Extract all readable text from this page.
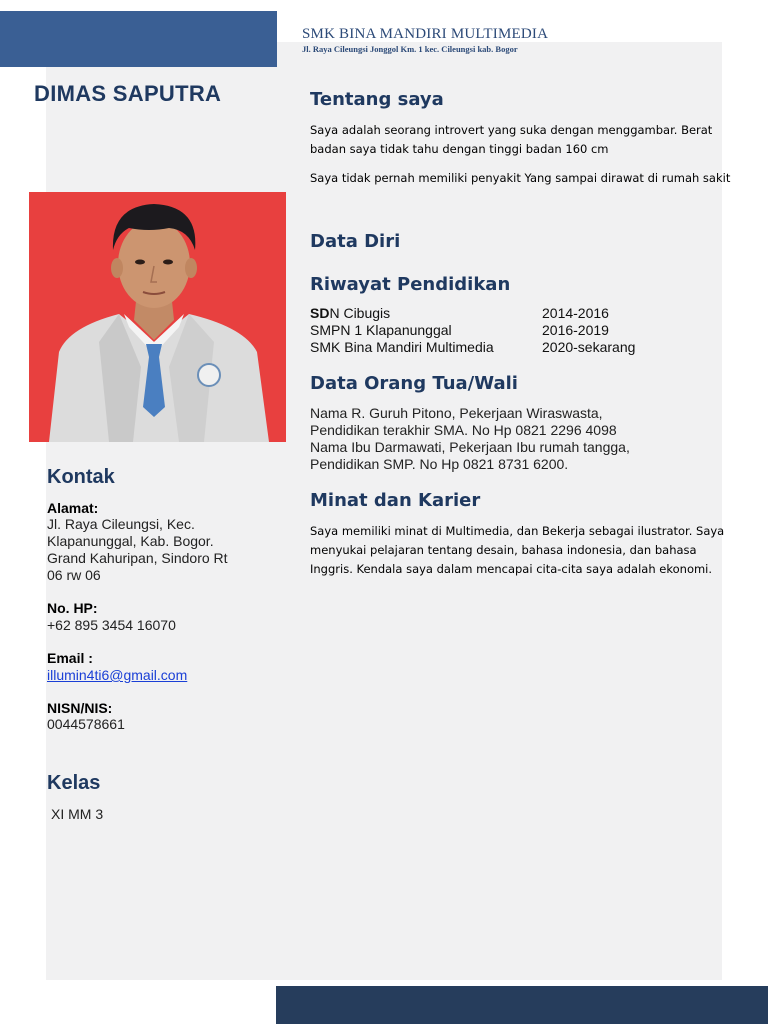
SMK BINA MANDIRI MULTIMEDIA
Jl. Raya Cileungsi Jonggol Km. 1 kec. Cileungsi kab. Bogor
DIMAS SAPUTRA
Kontak
Alamat:
Jl. Raya Cileungsi, Kec.
Klapanunggal, Kab. Bogor.
Grand Kahuripan, Sindoro Rt
06 rw 06
No. HP:
+62 895 3454 16070
Email :
illumin4ti6@gmail.com
NISN/NIS:
0044578661
Kelas
XI MM 3
Tentang saya
Saya adalah seorang introvert yang suka dengan menggambar. Berat badan saya tidak tahu dengan tinggi badan 160 cm
Saya tidak pernah memiliki penyakit Yang sampai dirawat di rumah sakit
Data Diri
Riwayat Pendidikan
SDN Cibugis	2014-2016
SMPN 1 Klapanunggal	2016-2019
SMK Bina Mandiri Multimedia	2020-sekarang
Data Orang Tua/Wali
Nama R. Guruh Pitono, Pekerjaan Wiraswasta,
Pendidikan terakhir SMA. No Hp 0821 2296 4098
Nama Ibu Darmawati, Pekerjaan Ibu rumah tangga,
Pendidikan SMP. No Hp 0821 8731 6200.
Minat dan Karier
Saya memiliki minat di Multimedia, dan Bekerja sebagai ilustrator. Saya menyukai pelajaran tentang desain, bahasa indonesia, dan bahasa Inggris. Kendala saya dalam mencapai cita-cita saya adalah ekonomi.
